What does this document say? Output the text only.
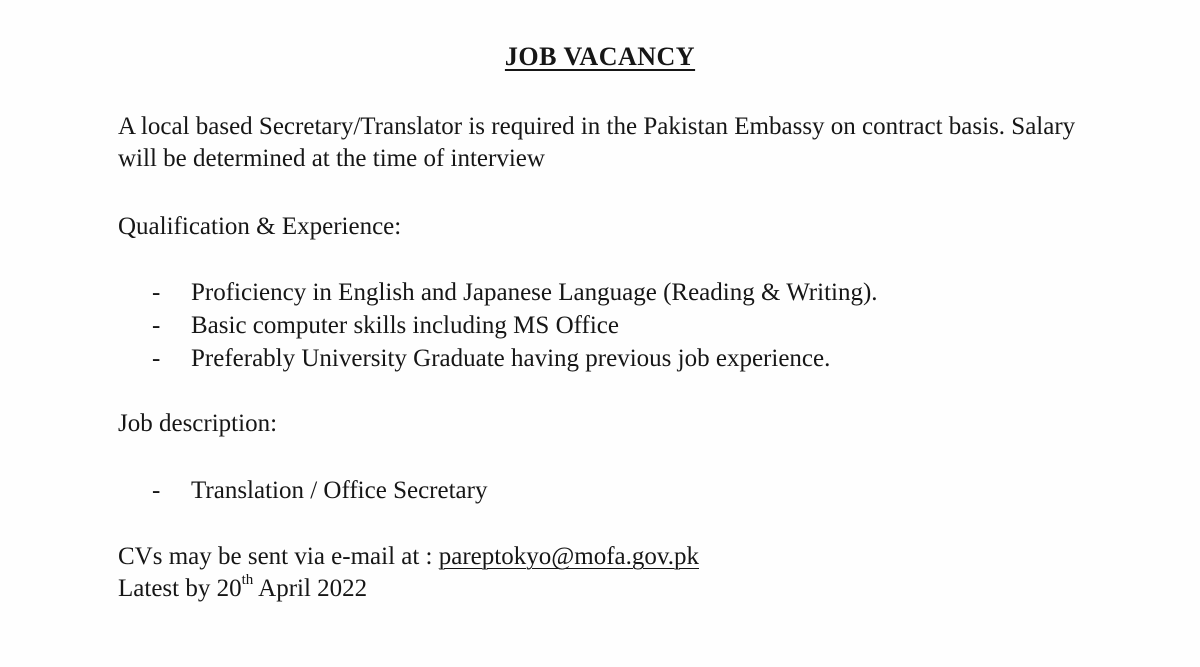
JOB VACANCY
A local based Secretary/Translator is required in the Pakistan Embassy on contract basis. Salary will be determined at the time of interview
Qualification & Experience:
- Proficiency in English and Japanese Language (Reading & Writing).
- Basic computer skills including MS Office
- Preferably University Graduate having previous job experience.
Job description:
- Translation / Office Secretary
CVs may be sent via e-mail at : pareptokyo@mofa.gov.pk
Latest by 20th April 2022
